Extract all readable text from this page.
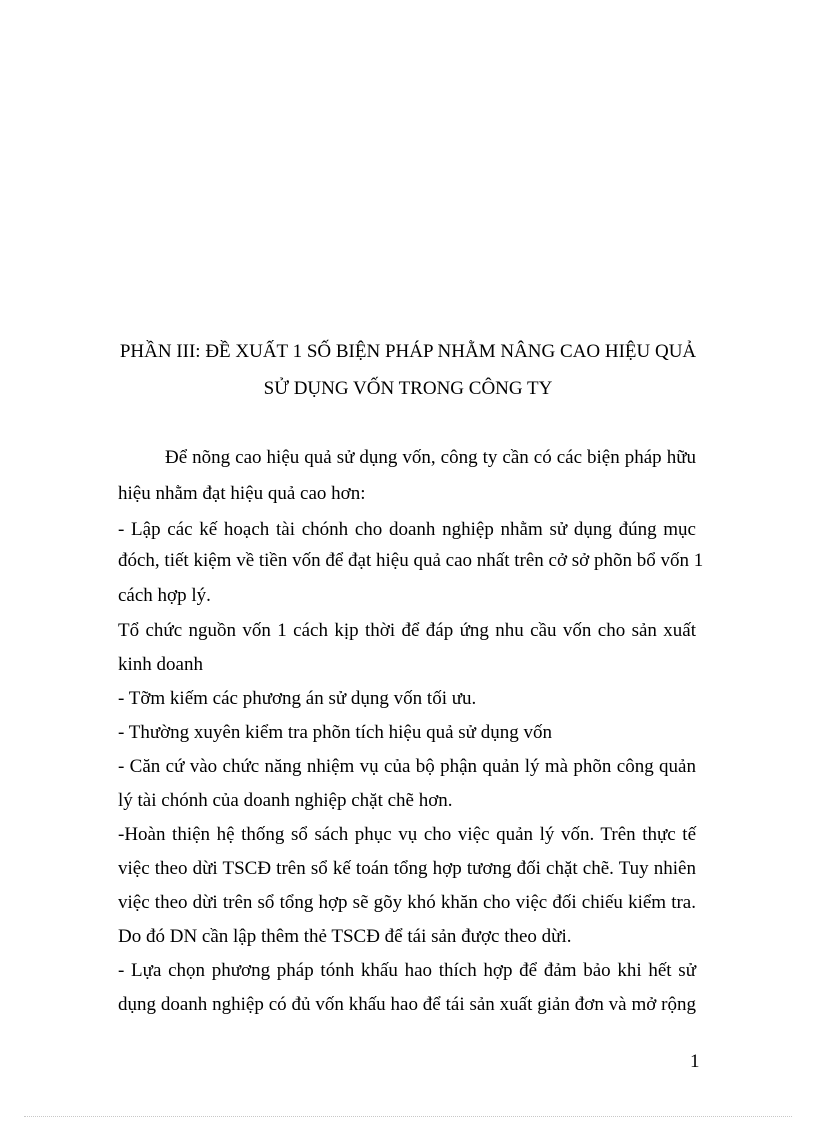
PHẦN III: ĐỀ XUẤT 1 SỐ BIỆN PHÁP NHẰM NÂNG CAO HIỆU QUẢ
SỬ DỤNG VỐN TRONG CÔNG TY
Để nõng cao hiệu quả sử dụng vốn, công ty cần có các biện pháp hữu
hiệu nhằm đạt hiệu quả cao hơn:
- Lập các kế hoạch tài chónh cho doanh nghiệp nhằm sử dụng đúng mục
đóch, tiết kiệm về tiền vốn để đạt hiệu quả cao nhất trên cở sở phõn bổ vốn 1
cách hợp lý.
Tổ chức nguồn vốn 1 cách kịp thời để đáp ứng nhu cầu vốn cho sản xuất
kinh doanh
- Tỡm kiếm các phương án sử dụng vốn tối ưu.
- Thường xuyên kiểm tra phõn tích hiệu quả sử dụng vốn
- Căn cứ vào chức năng nhiệm vụ của bộ phận quản lý mà phõn công quản
lý tài chónh của doanh nghiệp chặt chẽ hơn.
-Hoàn thiện hệ thống sổ sách phục vụ cho việc quản lý vốn. Trên thực tế
việc theo dừi TSCĐ trên sổ kế toán tổng hợp tương đối chặt chẽ. Tuy nhiên
việc theo dừi trên sổ tổng hợp sẽ gõy khó khăn cho việc đối chiếu kiểm tra.
Do đó DN cần lập thêm thẻ TSCĐ để tái sản được theo dừi.
- Lựa chọn phương pháp tónh khấu hao thích hợp để đảm bảo khi hết sử
dụng doanh nghiệp có đủ vốn khấu hao để tái sản xuất giản đơn và mở rộng
1
